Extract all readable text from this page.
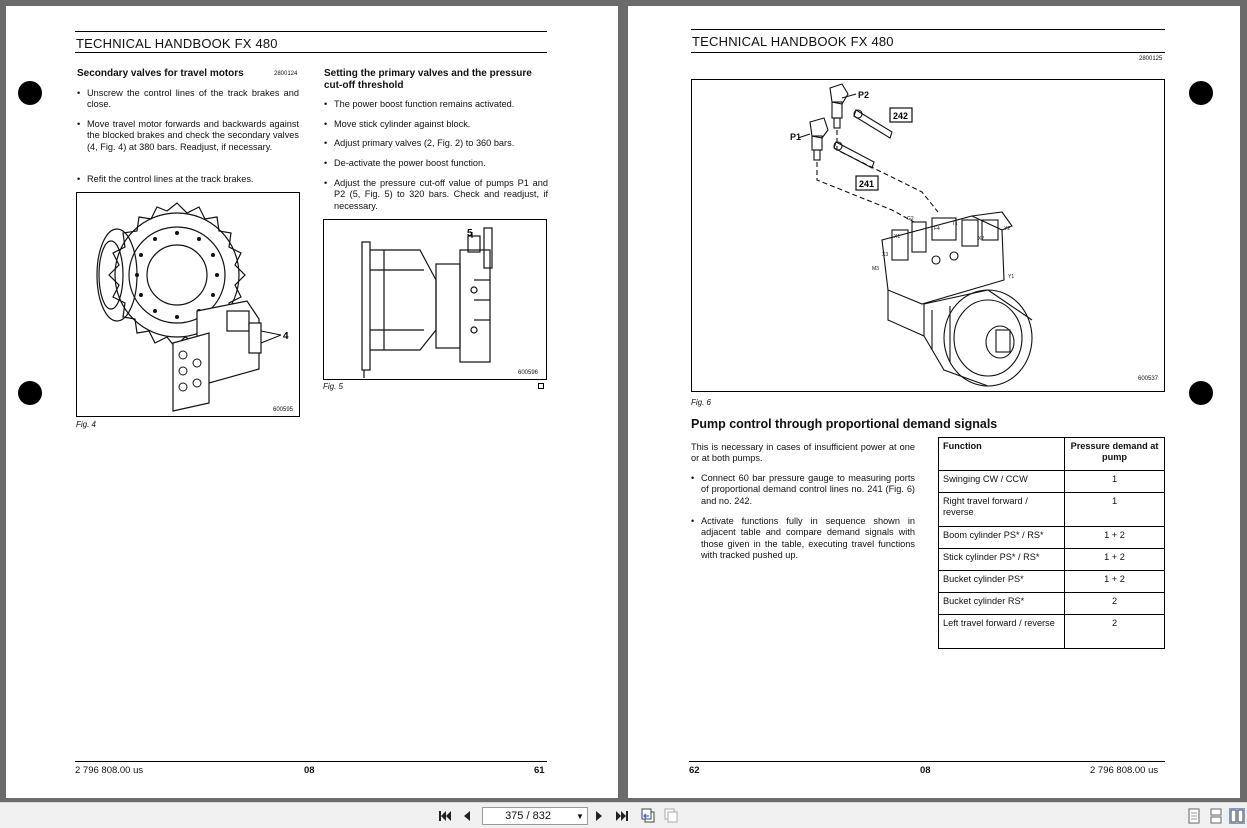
TECHNICAL HANDBOOK FX 480
Secondary valves for travel motors	2800124
• Unscrew the control lines of the track brakes and close.
• Move travel motor forwards and backwards against the blocked brakes and check the secondary valves (4, Fig. 4) at 380 bars. Readjust, if necessary.
• Refit the control lines at the track brakes.
4
600595
Fig. 4
Setting the primary valves and the pressure cut-off threshold
• The power boost function remains activated.
• Move stick cylinder against block.
• Adjust primary valves (2, Fig. 2) to 360 bars.
• De-activate the power boost function.
• Adjust the pressure cut-off value of pumps P1 and P2 (5, Fig. 5) to 320 bars. Check and readjust, if necessary.
5
600596
Fig. 5
2 796 808.00 us	08	61
TECHNICAL HANDBOOK FX 480
2800125
P2
P1
242
241
G2
X1
X3
M3
F4
T1
Y2
Y1
X2
600537
Fig. 6
Pump control through proportional demand signals
This is necessary in cases of insufficient power at one or at both pumps.
• Connect 60 bar pressure gauge to measuring ports of proportional demand control lines no. 241 (Fig. 6) and no. 242.
• Activate functions fully in sequence shown in adjacent table and compare demand signals with those given in the table, executing travel functions with tracked pushed up.
Function	Pressure demand at pump
Swinging CW / CCW	1
Right travel forward / reverse	1
Boom cylinder PS* / RS*	1 + 2
Stick cylinder PS* / RS*	1 + 2
Bucket cylinder PS*	1 + 2
Bucket cylinder RS*	2
Left travel forward / reverse	2
62	08	2 796 808.00 us
375 / 832	▼
